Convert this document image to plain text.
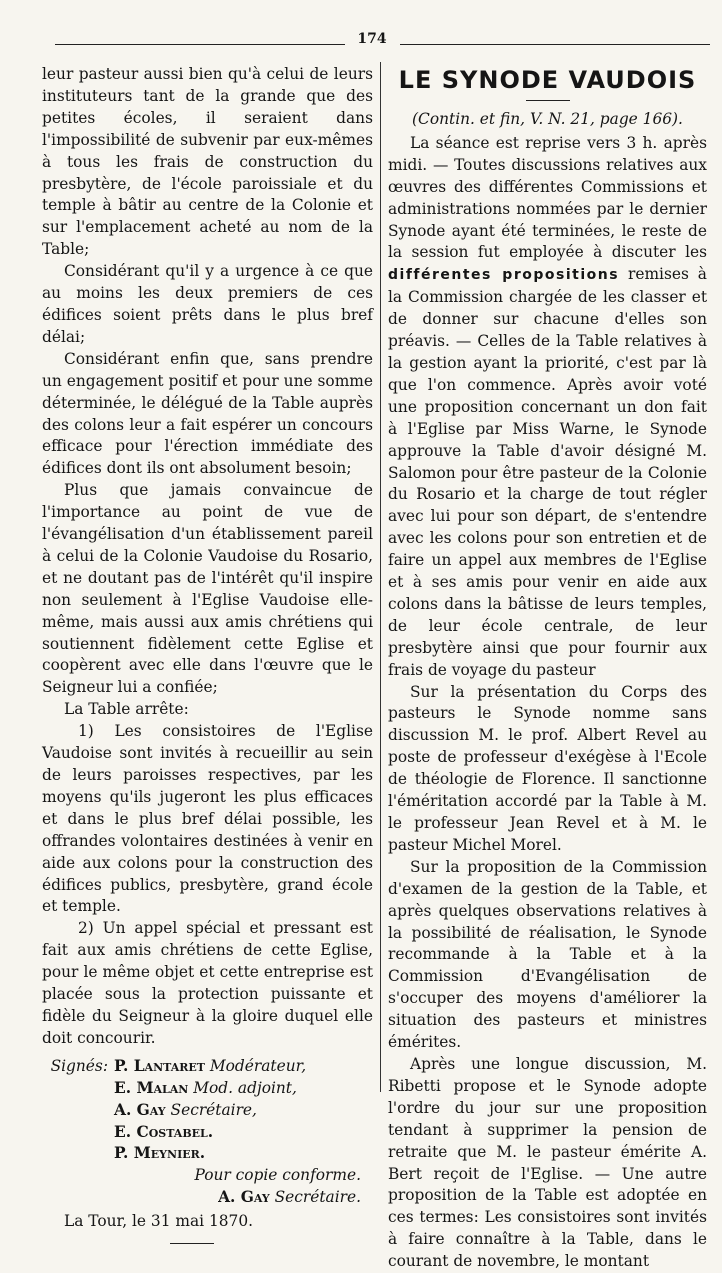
174

leur pasteur aussi bien qu'à celui de leurs instituteurs tant de la grande que des petites écoles, il seraient dans l'impossibilité de subvenir par eux-mêmes à tous les frais de construction du presbytère, de l'école paroissiale et du temple à bâtir au centre de la Colonie et sur l'emplacement acheté au nom de la Table;

Considérant qu'il y a urgence à ce que au moins les deux premiers de ces édifices soient prêts dans le plus bref délai;

Considérant enfin que, sans prendre un engagement positif et pour une somme déterminée, le délégué de la Table auprès des colons leur a fait espérer un concours efficace pour l'érection immédiate des édifices dont ils ont absolument besoin;

Plus que jamais convaincue de l'importance au point de vue de l'évangélisation d'un établissement pareil à celui de la Colonie Vaudoise du Rosario, et ne doutant pas de l'intérêt qu'il inspire non seulement à l'Eglise Vaudoise elle-même, mais aussi aux amis chrétiens qui soutiennent fidèlement cette Eglise et coopèrent avec elle dans l'œuvre que le Seigneur lui a confiée;

La Table arrête:

1) Les consistoires de l'Eglise Vaudoise sont invités à recueillir au sein de leurs paroisses respectives, par les moyens qu'ils jugeront les plus efficaces et dans le plus bref délai possible, les offrandes volontaires destinées à venir en aide aux colons pour la construction des édifices publics, presbytère, grand école et temple.

2) Un appel spécial et pressant est fait aux amis chrétiens de cette Eglise, pour le même objet et cette entreprise est placée sous la protection puissante et fidèle du Seigneur à la gloire duquel elle doit concourir.

Signés: P. Lantaret Modérateur,
E. Malan Mod. adjoint,
A. Gay Secrétaire,
E. Costabel.
P. Meynier.
Pour copie conforme.
A. Gay Secrétaire.
La Tour, le 31 mai 1870.
LE SYNODE VAUDOIS
(Contin. et fin, V. N. 21, page 166).

La séance est reprise vers 3 h. après midi. — Toutes discussions relatives aux œuvres des différentes Commissions et administrations nommées par le dernier Synode ayant été terminées, le reste de la session fut employée à discuter les différentes propositions remises à la Commission chargée de les classer et de donner sur chacune d'elles son préavis. — Celles de la Table relatives à la gestion ayant la priorité, c'est par là que l'on commence. Après avoir voté une proposition concernant un don fait à l'Eglise par Miss Warne, le Synode approuve la Table d'avoir désigné M. Salomon pour être pasteur de la Colonie du Rosario et la charge de tout régler avec lui pour son départ, de s'entendre avec les colons pour son entretien et de faire un appel aux membres de l'Eglise et à ses amis pour venir en aide aux colons dans la bâtisse de leurs temples, de leur école centrale, de leur presbytère ainsi que pour fournir aux frais de voyage du pasteur

Sur la présentation du Corps des pasteurs le Synode nomme sans discussion M. le prof. Albert Revel au poste de professeur d'exégèse à l'Ecole de théologie de Florence. Il sanctionne l'éméritation accordé par la Table à M. le professeur Jean Revel et à M. le pasteur Michel Morel.

Sur la proposition de la Commission d'examen de la gestion de la Table, et après quelques observations relatives à la possibilité de réalisation, le Synode recommande à la Table et à la Commission d'Evangélisation de s'occuper des moyens d'améliorer la situation des pasteurs et ministres émérites.

Après une longue discussion, M. Ribetti propose et le Synode adopte l'ordre du jour sur une proposition tendant à supprimer la pension de retraite que M. le pasteur émérite A. Bert reçoit de l'Eglise. — Une autre proposition de la Table est adoptée en ces termes: Les consistoires sont invités à faire connaître à la Table, dans le courant de novembre, le montant
